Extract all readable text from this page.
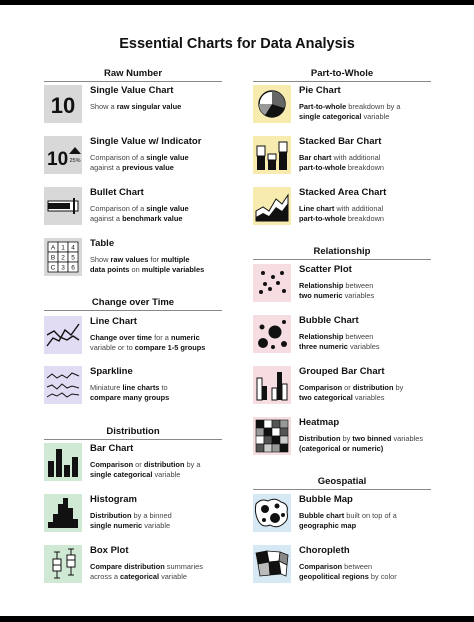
Essential Charts for Data Analysis
Raw Number
10
Single Value Chart
Show a raw singular value
10 25%
Single Value w/ Indicator
Comparison of a single value
against a previous value
Bullet Chart
Comparison of a single value
against a benchmark value
A 1 4
B 2 5
C 3 6
Table
Show raw values for multiple
data points on multiple variables
Change over Time
Line Chart
Change over time for a numeric
variable or to compare 1-5 groups
Sparkline
Miniature line charts to
compare many groups
Distribution
Bar Chart
Comparison or distribution by a
single categorical variable
Histogram
Distribution by a binned
single numeric variable
Box Plot
Compare distribution summaries
across a categorical variable
Part-to-Whole
Pie Chart
Part-to-whole breakdown by a
single categorical variable
Stacked Bar Chart
Bar chart with additional
part-to-whole breakdown
Stacked Area Chart
Line chart with additional
part-to-whole breakdown
Relationship
Scatter Plot
Relationship between
two numeric variables
Bubble Chart
Relationship between
three numeric variables
Grouped Bar Chart
Comparison or distribution by
two categorical variables
Heatmap
Distribution by two binned variables
(categorical or numeric)
Geospatial
Bubble Map
Bubble chart built on top of a
geographic map
Choropleth
Comparison between
geopolitical regions by color
